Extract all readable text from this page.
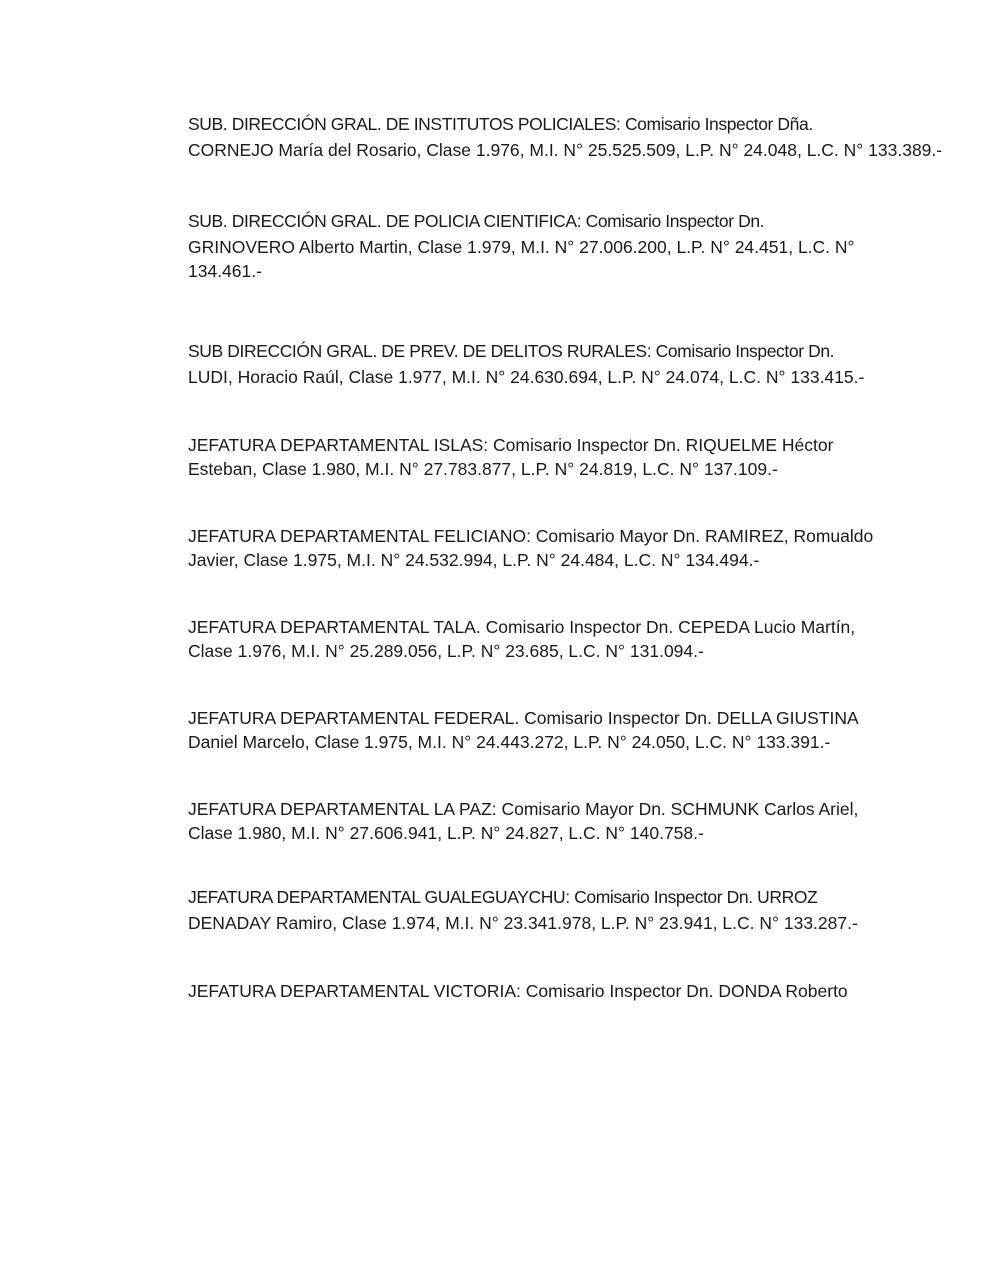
SUB. DIRECCIÓN GRAL. DE INSTITUTOS POLICIALES: Comisario Inspector Dña.
CORNEJO María del Rosario, Clase 1.976, M.I. N° 25.525.509, L.P. N° 24.048, L.C. N° 133.389.-
SUB. DIRECCIÓN GRAL. DE POLICIA CIENTIFICA: Comisario Inspector Dn.
GRINOVERO Alberto Martin, Clase 1.979, M.I. N° 27.006.200, L.P. N° 24.451, L.C. N°
134.461.-
SUB DIRECCIÓN GRAL. DE PREV. DE DELITOS RURALES: Comisario Inspector Dn.
LUDI, Horacio Raúl, Clase 1.977, M.I. N° 24.630.694, L.P. N° 24.074, L.C. N° 133.415.-
JEFATURA DEPARTAMENTAL ISLAS: Comisario Inspector Dn. RIQUELME Héctor
Esteban, Clase 1.980, M.I. N° 27.783.877, L.P. N° 24.819, L.C. N° 137.109.-
JEFATURA DEPARTAMENTAL FELICIANO: Comisario Mayor Dn. RAMIREZ, Romualdo
Javier, Clase 1.975, M.I. N° 24.532.994, L.P. N° 24.484, L.C. N° 134.494.-
JEFATURA DEPARTAMENTAL TALA. Comisario Inspector Dn. CEPEDA Lucio Martín,
Clase 1.976, M.I. N° 25.289.056, L.P. N° 23.685, L.C. N° 131.094.-
JEFATURA DEPARTAMENTAL FEDERAL. Comisario Inspector Dn. DELLA GIUSTINA
Daniel Marcelo, Clase 1.975, M.I. N° 24.443.272, L.P. N° 24.050, L.C. N° 133.391.-
JEFATURA DEPARTAMENTAL LA PAZ: Comisario Mayor Dn. SCHMUNK Carlos Ariel,
Clase 1.980, M.I. N° 27.606.941, L.P. N° 24.827, L.C. N° 140.758.-
JEFATURA DEPARTAMENTAL GUALEGUAYCHU: Comisario Inspector Dn. URROZ
DENADAY Ramiro, Clase 1.974, M.I. N° 23.341.978, L.P. N° 23.941, L.C. N° 133.287.-
JEFATURA DEPARTAMENTAL VICTORIA: Comisario Inspector Dn. DONDA Roberto
